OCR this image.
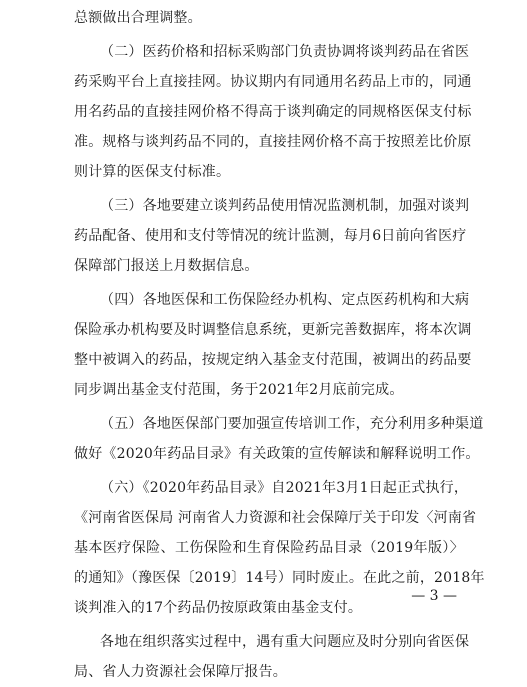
总额做出合理调整。
（二）医药价格和招标采购部门负责协调将谈判药品在省医
药采购平台上直接挂网。协议期内有同通用名药品上市的，同通
用名药品的直接挂网价格不得高于谈判确定的同规格医保支付标
准。规格与谈判药品不同的，直接挂网价格不高于按照差比价原
则计算的医保支付标准。
（三）各地要建立谈判药品使用情况监测机制，加强对谈判
药品配备、使用和支付等情况的统计监测，每月6日前向省医疗
保障部门报送上月数据信息。
（四）各地医保和工伤保险经办机构、定点医药机构和大病
保险承办机构要及时调整信息系统，更新完善数据库，将本次调
整中被调入的药品，按规定纳入基金支付范围，被调出的药品要
同步调出基金支付范围，务于2021年2月底前完成。
（五）各地医保部门要加强宣传培训工作，充分利用多种渠道
做好《2020年药品目录》有关政策的宣传解读和解释说明工作。
（六）《2020年药品目录》自2021年3月1日起正式执行，
《河南省医保局 河南省人力资源和社会保障厅关于印发〈河南省
基本医疗保险、工伤保险和生育保险药品目录（2019年版）〉
的通知》（豫医保〔2019〕14号）同时废止。在此之前，2018年
谈判准入的17个药品仍按原政策由基金支付。
各地在组织落实过程中，遇有重大问题应及时分别向省医保
局、省人力资源社会保障厅报告。
— 3 —
